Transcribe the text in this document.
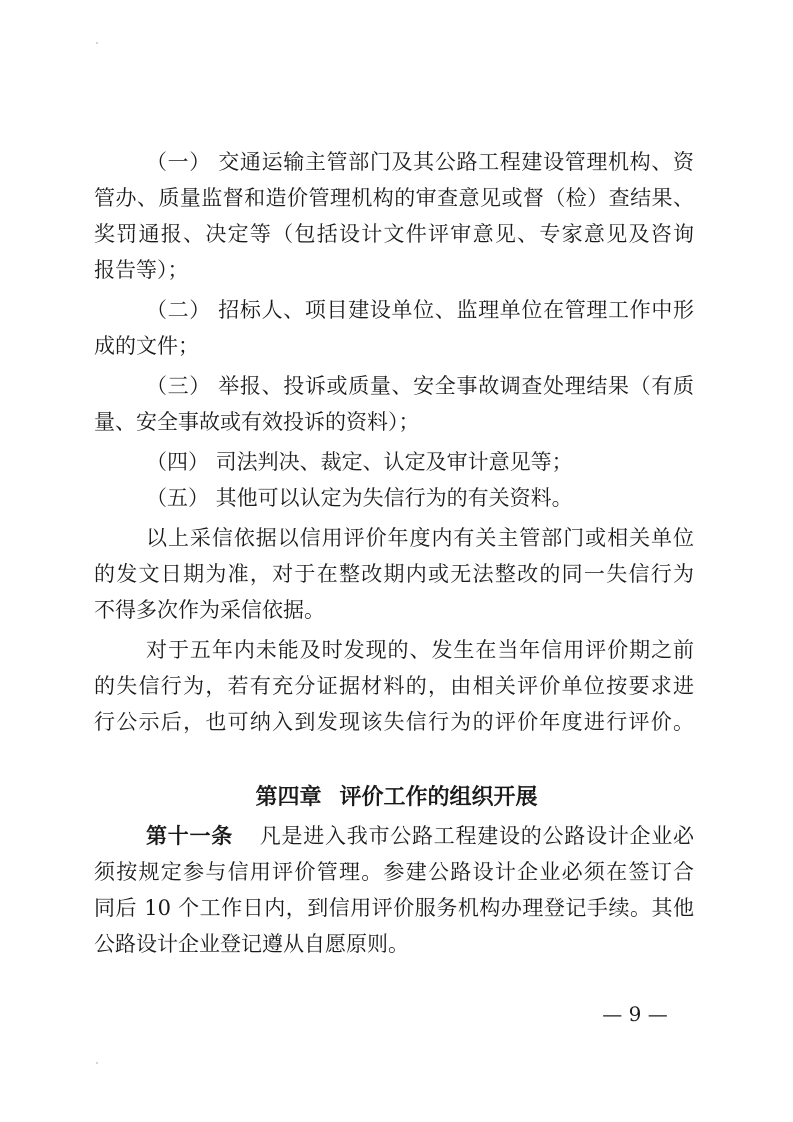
（一） 交通运输主管部门及其公路工程建设管理机构、资
管办、质量监督和造价管理机构的审查意见或督（检）查结果、
奖罚通报、决定等（包括设计文件评审意见、专家意见及咨询
报告等）；
（二） 招标人、项目建设单位、监理单位在管理工作中形
成的文件；
（三） 举报、投诉或质量、安全事故调查处理结果（有质
量、安全事故或有效投诉的资料）；
（四） 司法判决、裁定、认定及审计意见等；
（五） 其他可以认定为失信行为的有关资料。
以上采信依据以信用评价年度内有关主管部门或相关单位
的发文日期为准，对于在整改期内或无法整改的同一失信行为
不得多次作为采信依据。
对于五年内未能及时发现的、发生在当年信用评价期之前
的失信行为，若有充分证据材料的，由相关评价单位按要求进
行公示后，也可纳入到发现该失信行为的评价年度进行评价。
第四章 评价工作的组织开展
第十一条 凡是进入我市公路工程建设的公路设计企业必
须按规定参与信用评价管理。参建公路设计企业必须在签订合
同后 10 个工作日内，到信用评价服务机构办理登记手续。其他
公路设计企业登记遵从自愿原则。
— 9 —
